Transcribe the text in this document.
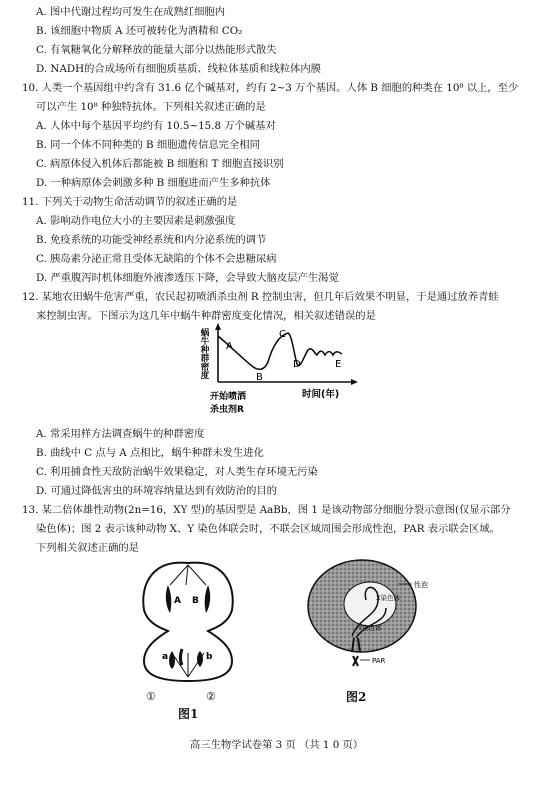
A. 图中代谢过程均可发生在成熟红细胞内
B. 该细胞中物质 A 还可被转化为酒精和 CO₂
C. 有氧糖氧化分解释放的能量大部分以热能形式散失
D. NADH的合成场所有细胞质基质、线粒体基质和线粒体内膜
10. 人类一个基因组中约含有 31.6 亿个碱基对，约有 2~3 万个基因。人体 B 细胞的种类在 10⁸ 以上，至少
可以产生 10⁸ 种独特抗体。下列相关叙述正确的是
A. 人体中每个基因平均约有 10.5~15.8 万个碱基对
B. 同一个体不同种类的 B 细胞遗传信息完全相同
C. 病原体侵入机体后都能被 B 细胞和 T 细胞直接识别
D. 一种病原体会刺激多种 B 细胞进而产生多种抗体
11. 下列关于动物生命活动调节的叙述正确的是
A. 影响动作电位大小的主要因素是刺激强度
B. 免疫系统的功能受神经系统和内分泌系统的调节
C. 胰岛素分泌正常且受体无缺陷的个体不会患糖尿病
D. 严重腹泻时机体细胞外液渗透压下降，会导致大脑皮层产生渴觉
12. 某地农田蜗牛危害严重，农民起初喷洒杀虫剂 R 控制虫害，但几年后效果不明显，于是通过放养青蛙
来控制虫害。下图示为这几年中蜗牛种群密度变化情况，相关叙述错误的是
蜗牛种群密度 A
B
C
D	E
时间(年)
开始喷洒
杀虫剂R
A. 常采用样方法调查蜗牛的种群密度
B. 曲线中 C 点与 A 点相比，蜗牛种群未发生进化
C. 利用捕食性天敌防治蜗牛效果稳定，对人类生存环境无污染
D. 可通过降低害虫的环境容纳量达到有效防治的目的
13. 某二倍体雄性动物(2n=16，XY 型)的基因型是 AaBb，图 1 是该动物部分细胞分裂示意图(仅显示部分
染色体)；图 2 表示该种动物 X、Y 染色体联会时，不联会区域周围会形成性泡，PAR 表示联会区域。
下列相关叙述正确的是
A B
a	b
①	②
图1
性泡
X染色体
Y染色体
PAR
图2
高三生物学试卷第 3 页 （共 1 0 页）
